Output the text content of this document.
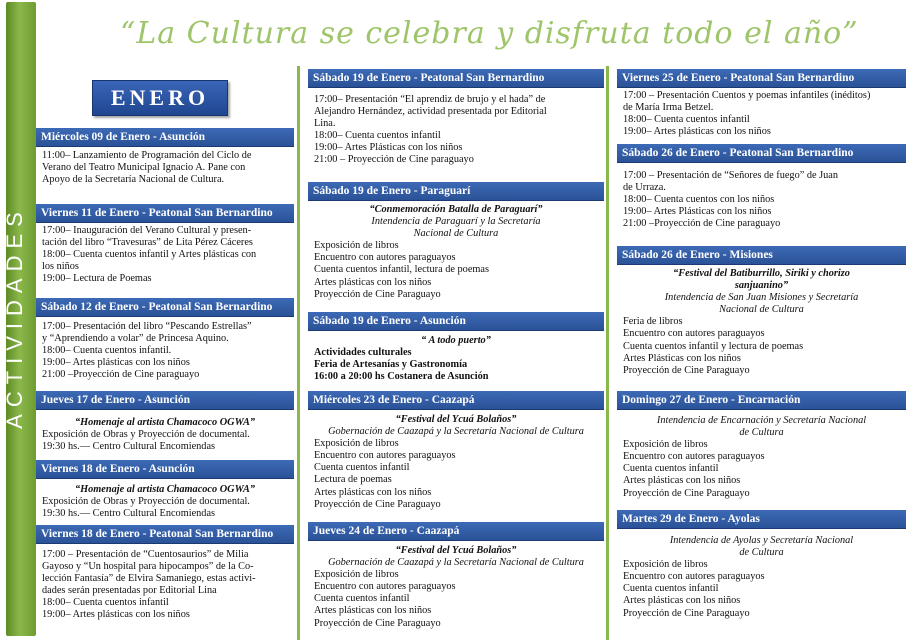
ACTIVIDADES
“La Cultura se celebra y disfruta todo el año”
ENERO
Miércoles 09 de Enero - Asunción
11:00– Lanzamiento de Programación del Ciclo de
Verano del Teatro Municipal Ignacio A. Pane con
Apoyo de la Secretaría Nacional de Cultura.
Viernes 11 de Enero - Peatonal San Bernardino
17:00– Inauguración del Verano Cultural y presen-
tación del libro “Travesuras” de Lita Pérez Cáceres
18:00– Cuenta cuentos infantil y Artes plásticas con
los niños
19:00– Lectura de Poemas
Sábado 12 de Enero - Peatonal San Bernardino
17:00– Presentación del libro “Pescando Estrellas”
y “Aprendiendo a volar” de Princesa Aquino.
18:00– Cuenta cuentos infantil.
19:00– Artes plásticas con los niños
21:00 –Proyección de Cine paraguayo
Jueves 17 de Enero - Asunción
“Homenaje al artista Chamacoco OGWA”
Exposición de Obras y Proyección de documental.
19:30 hs.— Centro Cultural Encomiendas
Viernes 18 de Enero - Asunción
“Homenaje al artista Chamacoco OGWA”
Exposición de Obras y Proyección de documental.
19:30 hs.— Centro Cultural Encomiendas
Viernes 18 de Enero - Peatonal San Bernardino
17:00 – Presentación de “Cuentosaurios” de Milia
Gayoso y “Un hospital para hipocampos” de la Co-
lección Fantasía” de Elvira Samaniego, estas activi-
dades serán presentadas por Editorial Lina
18:00– Cuenta cuentos infantil
19:00– Artes plásticas con los niños
Sábado 19 de Enero - Peatonal San Bernardino
17:00– Presentación “El aprendiz de brujo y el hada” de
Alejandro Hernández, actividad presentada por Editorial
Lina.
18:00– Cuenta cuentos infantil
19:00– Artes Plásticas con los niños
21:00 – Proyección de Cine paraguayo
Sábado 19 de Enero - Paraguarí
“Conmemoración Batalla de Paraguarí”
Intendencia de Paraguarí y la Secretaría
Nacional de Cultura
Exposición de libros
Encuentro con autores paraguayos
Cuenta cuentos infantil, lectura de poemas
Artes plásticas con los niños
Proyección de Cine Paraguayo
Sábado 19 de Enero - Asunción
“ A todo puerto”
Actividades culturales
Feria de Artesanías y Gastronomía
16:00 a 20:00 hs Costanera de Asunción
Miércoles 23 de Enero - Caazapá
“Festival del Ycuá Bolaños”
Gobernación de Caazapá y la Secretaría Nacional de Cultura
Exposición de libros
Encuentro con autores paraguayos
Cuenta cuentos infantil
Lectura de poemas
Artes plásticas con los niños
Proyección de Cine Paraguayo
Jueves 24 de Enero - Caazapá
“Festival del Ycuá Bolaños”
Gobernación de Caazapá y la Secretaría Nacional de Cultura
Exposición de libros
Encuentro con autores paraguayos
Cuenta cuentos infantil
Artes plásticas con los niños
Proyección de Cine Paraguayo
Viernes 25 de Enero - Peatonal San Bernardino
17:00 – Presentación Cuentos y poemas infantiles (inéditos)
de María Irma Betzel.
18:00– Cuenta cuentos infantil
19:00– Artes plásticas con los niños
Sábado 26 de Enero - Peatonal San Bernardino
17:00 – Presentación de “Señores de fuego” de Juan
de Urraza.
18:00– Cuenta cuentos con los niños
19:00– Artes Plásticas con los niños
21:00 –Proyección de Cine paraguayo
Sábado 26 de Enero - Misiones
“Festival del Batiburrillo, Siriki y chorizo
sanjuanino”
Intendencia de San Juan Misiones y Secretaría
Nacional de Cultura
Feria de libros
Encuentro con autores paraguayos
Cuenta cuentos infantil y lectura de poemas
Artes Plásticas con los niños
Proyección de Cine Paraguayo
Domingo 27 de Enero - Encarnación
Intendencia de Encarnación y Secretaría Nacional
de Cultura
Exposición de libros
Encuentro con autores paraguayos
Cuenta cuentos infantil
Artes plásticas con los niños
Proyección de Cine Paraguayo
Martes 29 de Enero - Ayolas
Intendencia de Ayolas y Secretaría Nacional
de Cultura
Exposición de libros
Encuentro con autores paraguayos
Cuenta cuentos infantil
Artes plásticas con los niños
Proyección de Cine Paraguayo
